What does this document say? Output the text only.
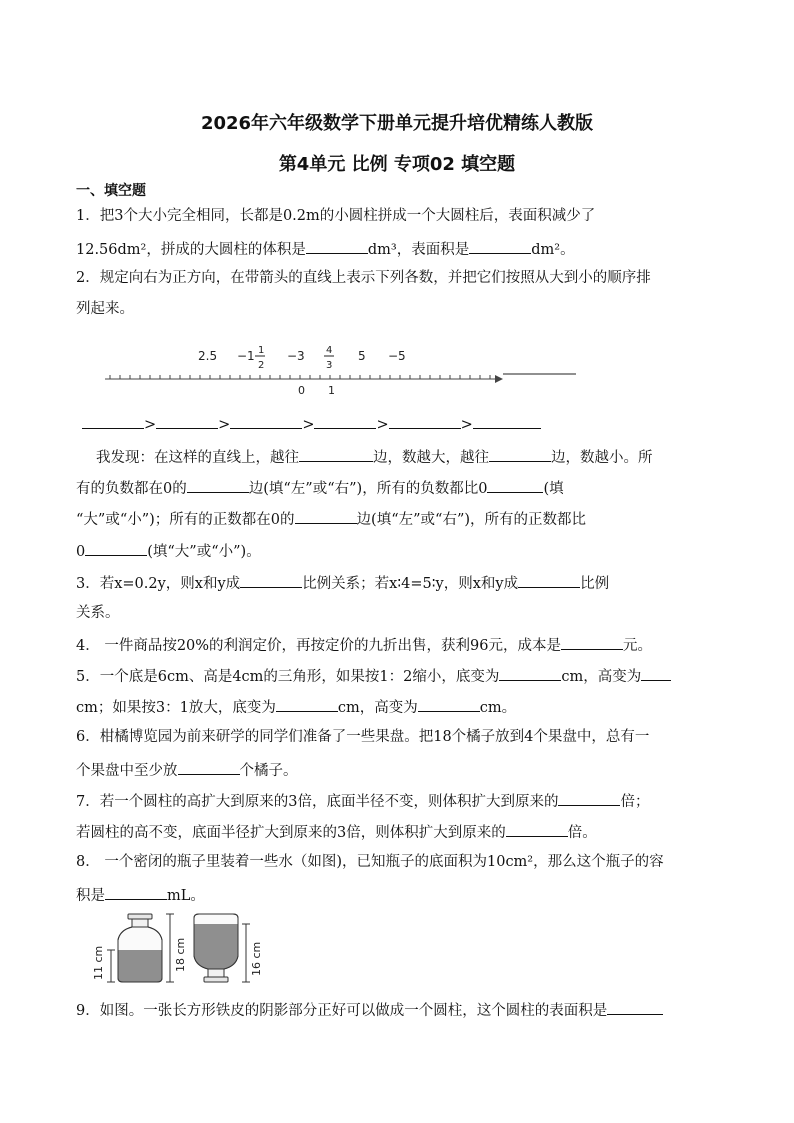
2026年六年级数学下册单元提升培优精练人教版
第4单元 比例 专项02 填空题
一、填空题
1．把3个大小完全相同，长都是0.2m的小圆柱拼成一个大圆柱后，表面积减少了
12.56dm²，拼成的大圆柱的体积是	dm³，表面积是	dm²。
2．规定向右为正方向，在带箭头的直线上表示下列各数，并把它们按照从大到小的顺序排
列起来。
2.5 −1 1
2
−3 4
3
5 −5
0 1
>	>	>	>	>
我发现：在这样的直线上，越往	边，数越大，越往	边，数越小。所
有的负数都在0的	边(填“左”或“右”)，所有的负数都比0	(填
“大”或“小”)；所有的正数都在0的	边(填“左”或“右”)，所有的正数都比
0	(填“大”或“小”)。
3．若x=0.2y，则x和y成	比例关系；若x∶4=5∶y，则x和y成	比例
关系。
4． 一件商品按20%的利润定价，再按定价的九折出售，获利96元，成本是	元。
5．一个底是6cm、高是4cm的三角形，如果按1：2缩小，底变为	cm，高变为
cm；如果按3：1放大，底变为	cm，高变为	cm。
6．柑橘博览园为前来研学的同学们准备了一些果盘。把18个橘子放到4个果盘中，总有一
个果盘中至少放	个橘子。
7．若一个圆柱的高扩大到原来的3倍，底面半径不变，则体积扩大到原来的	倍；
若圆柱的高不变，底面半径扩大到原来的3倍，则体积扩大到原来的	倍。
8． 一个密闭的瓶子里装着一些水（如图)，已知瓶子的底面积为10cm²，那么这个瓶子的容
积是	mL。
11 cm	18 cm	16 cm
9．如图。一张长方形铁皮的阴影部分正好可以做成一个圆柱，这个圆柱的表面积是
